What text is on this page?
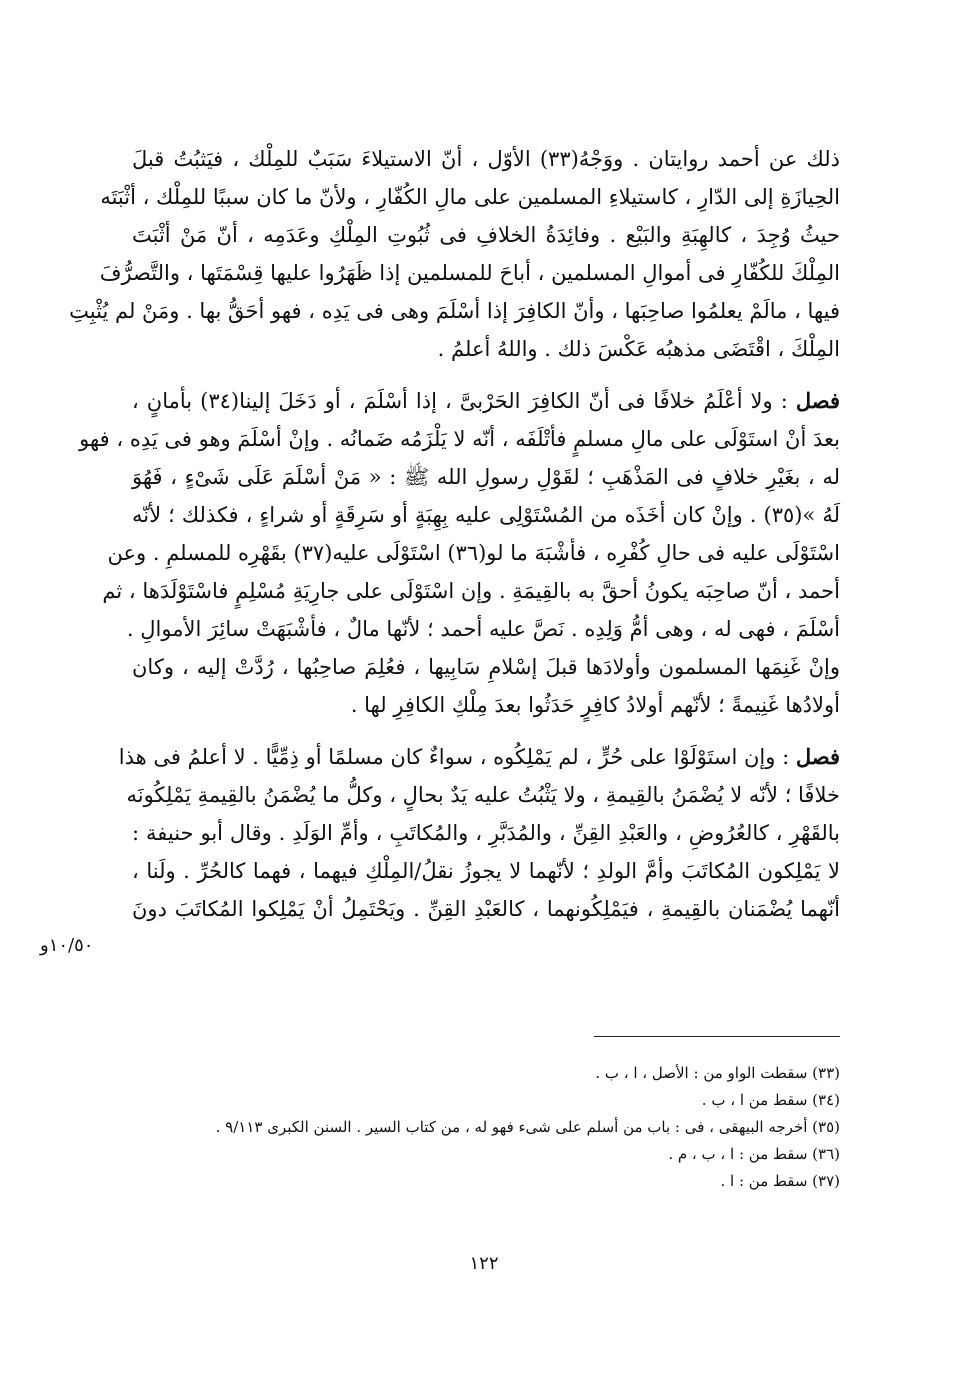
ذلك عن أحمد روايتان . ووَجْهُ(٣٣) الأوّل ، أنّ الاستيلاءَ سَبَبٌ للمِلْك ، فيَثبُتُ قبلَ
الحِيازَةِ إلى الدّارِ ، كاستيلاءِ المسلمين على مالِ الكُفّارِ ، ولأنّ ما كان سببًا للمِلْك ، أثْبَتَه
حيثُ وُجِدَ ، كالهِبَةِ والبَيْع . وفائِدَةُ الخلافِ فى ثُبُوتِ المِلْكِ وعَدَمِه ، أنّ مَنْ أثْبَتَ
المِلْكَ للكُفّارِ فى أموالِ المسلمين ، أباحَ للمسلمين إذا ظَهَرُوا عليها قِسْمَتَها ، والتَّصرُّفَ
فيها ، مالَمْ يعلمُوا صاحِبَها ، وأنّ الكافِرَ إذا أسْلَمَ وهى فى يَدِه ، فهو أحَقُّ بها . ومَنْ لم يُثْبِتِ
المِلْكَ ، اقْتَضَى مذهبُه عَكْسَ ذلك . واللهُ أعلمُ .
فصل : ولا أعْلَمُ خلافًا فى أنّ الكافِرَ الحَرْبىَّ ، إذا أسْلَمَ ، أو دَخَلَ إلينا(٣٤) بأمانٍ ،
بعدَ أنْ استَوْلَى على مالِ مسلمٍ فأتْلَفَه ، أنّه لا يَلْزَمُه ضَمانُه . وإنْ أسْلَمَ وهو فى يَدِه ، فهو
له ، بغَيْرِ خلافٍ فى المَذْهَبِ ؛ لقَوْلِ رسولِ الله ﷺ : « مَنْ أسْلَمَ عَلَى شَىْءٍ ، فَهُوَ
لَهُ »(٣٥) . وإنْ كان أخَذَه من المُسْتَوْلِى عليه بِهِبَةٍ أو سَرِقَةٍ أو شراءٍ ، فكذلك ؛ لأنّه
اسْتَوْلَى عليه فى حالِ كُفْرِه ، فأشْبَهَ ما لو(٣٦) اسْتَوْلَى عليه(٣٧) بقَهْرِه للمسلمِ . وعن
أحمد ، أنّ صاحِبَه يكونُ أحقَّ به بالقِيمَةِ . وإن اسْتَوْلَى على جارِيَةِ مُسْلِمٍ فاسْتَوْلَدَها ، ثم
أسْلَمَ ، فهى له ، وهى أمُّ وَلِدِه . نَصَّ عليه أحمد ؛ لأنّها مالٌ ، فأشْبَهَتْ سائِرَ الأموالِ .
وإنْ غَنِمَها المسلمون وأولادَها قبلَ إسْلامِ سَابِيها ، فعُلِمَ صاحِبُها ، رُدَّتْ إليه ، وكان
أولادُها غَنِيمةً ؛ لأنّهم أولادُ كافِرٍ حَدَثُوا بعدَ مِلْكِ الكافِرِ لها .
فصل : وإن استَوْلَوْا على حُرٍّ ، لم يَمْلِكُوه ، سواءٌ كان مسلمًا أو ذِمِّيًّا . لا أعلمُ فى هذا
خلافًا ؛ لأنّه لا يُضْمَنُ بالقِيمةِ ، ولا يَثْبُتُ عليه يَدٌ بحالٍ ، وكلُّ ما يُضْمَنُ بالقِيمةِ يَمْلِكُونَه
بالقَهْرِ ، كالعُرُوضِ ، والعَبْدِ القِنِّ ، والمُدَبَّرِ ، والمُكاتَبِ ، وأمِّ الوَلَدِ . وقال أبو حنيفة :
لا يَمْلِكون المُكاتَبَ وأمَّ الولدِ ؛ لأنّهما لا يجوزُ نقلُ/المِلْكِ فيهما ، فهما كالحُرِّ . ولَنا ،
أنّهما يُضْمَنان بالقِيمةِ ، فيَمْلِكُونهما ، كالعَبْدِ القِنِّ . ويَحْتَمِلُ أنْ يَمْلِكوا المُكاتَبَ دونَ
١٠/٥٠و
(٣٣) سقطت الواو من : الأصل ، ا ، ب .
(٣٤) سقط من ا ، ب .
(٣٥) أخرجه البيهقى ، فى : باب من أسلم على شىء فهو له ، من كتاب السير . السنن الكبرى ٩/١١٣ .
(٣٦) سقط من : ا ، ب ، م .
(٣٧) سقط من : ا .
١٢٢
